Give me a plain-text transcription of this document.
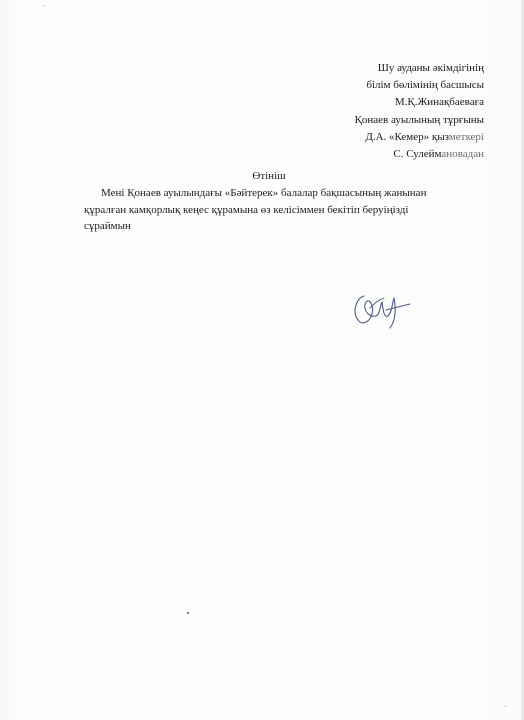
Шу ауданы әкімдігінің
білім бөлімінің басшысы
М.Қ.Жинақбаевағa
Қонаев ауылының тұрғыны
Д.А. «Кемер» қызметкері
С. Сулеймановадан
Өтініш
Мені Қонаев ауылындағы «Бәйтерек» балалар бақшасының жанынан
құралған камқорлық кеңес құрамына өз келісіммен бекітіп беруіңізді
сұраймын
